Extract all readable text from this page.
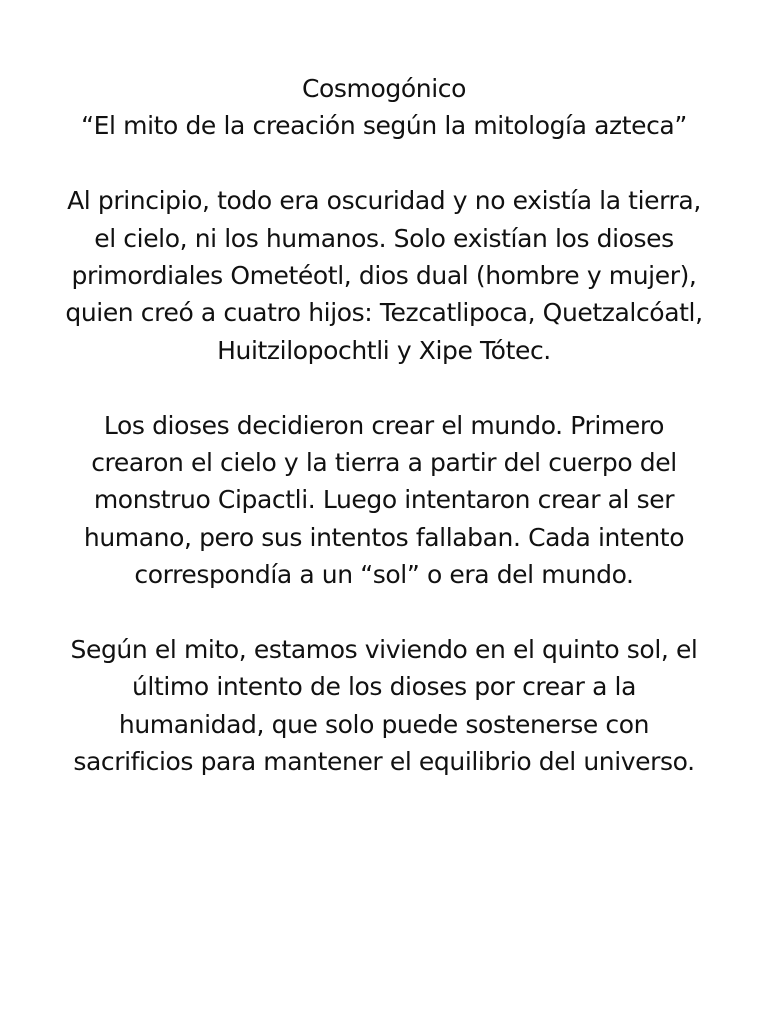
Cosmogónico

“El mito de la creación según la mitología azteca”

Al principio, todo era oscuridad y no existía la tierra, el cielo, ni los humanos. Solo existían los dioses primordiales Ometéotl, dios dual (hombre y mujer), quien creó a cuatro hijos: Tezcatlipoca, Quetzalcóatl, Huitzilopochtli y Xipe Tótec.

Los dioses decidieron crear el mundo. Primero crearon el cielo y la tierra a partir del cuerpo del monstruo Cipactli. Luego intentaron crear al ser humano, pero sus intentos fallaban. Cada intento correspondía a un “sol” o era del mundo.

Según el mito, estamos viviendo en el quinto sol, el último intento de los dioses por crear a la humanidad, que solo puede sostenerse con sacrificios para mantener el equilibrio del universo.
